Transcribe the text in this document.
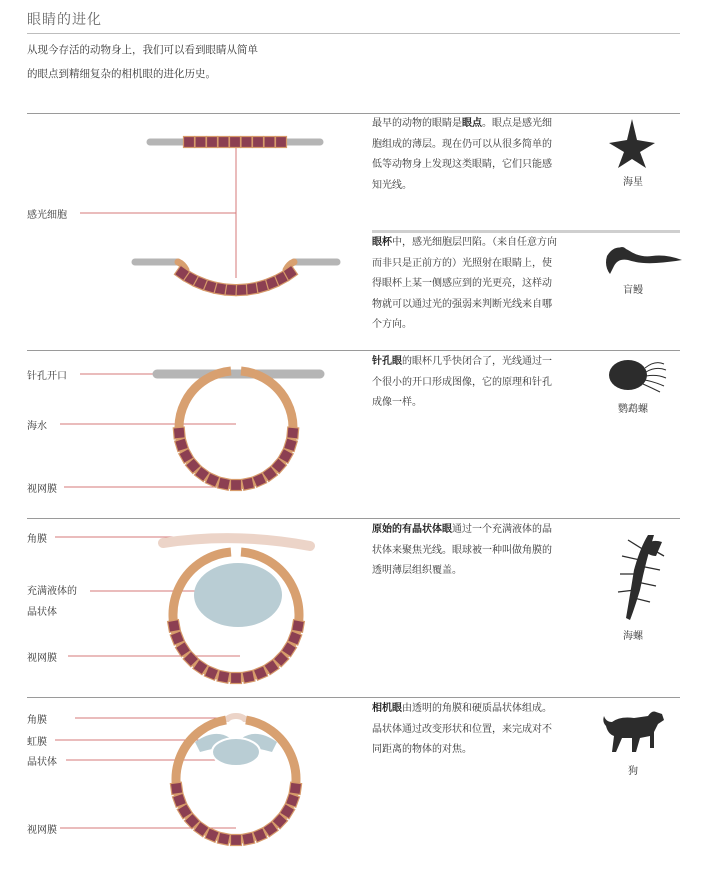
眼睛的进化
从现今存活的动物身上，我们可以看到眼睛从简单
的眼点到精细复杂的相机眼的进化历史。
感光细胞
针孔开口
海水
视网膜
角膜
充满液体的
晶状体
视网膜
角膜
虹膜
晶状体
视网膜
最早的动物的眼睛是眼点。眼点是感光细胞组成的薄层。现在仍可以从很多简单的低等动物身上发现这类眼睛，它们只能感知光线。
眼杯中，感光细胞层凹陷。（来自任意方向而非只是正前方的）光照射在眼睛上，使得眼杯上某一侧感应到的光更亮，这样动物就可以通过光的强弱来判断光线来自哪个方向。
针孔眼的眼杯几乎快闭合了，光线通过一个很小的开口形成图像，它的原理和针孔成像一样。
原始的有晶状体眼通过一个充满液体的晶状体来聚焦光线。眼球被一种叫做角膜的透明薄层组织覆盖。
相机眼由透明的角膜和硬质晶状体组成。晶状体通过改变形状和位置，来完成对不同距离的物体的对焦。
海星
盲鳗
鹦鹉螺
海螺
狗
